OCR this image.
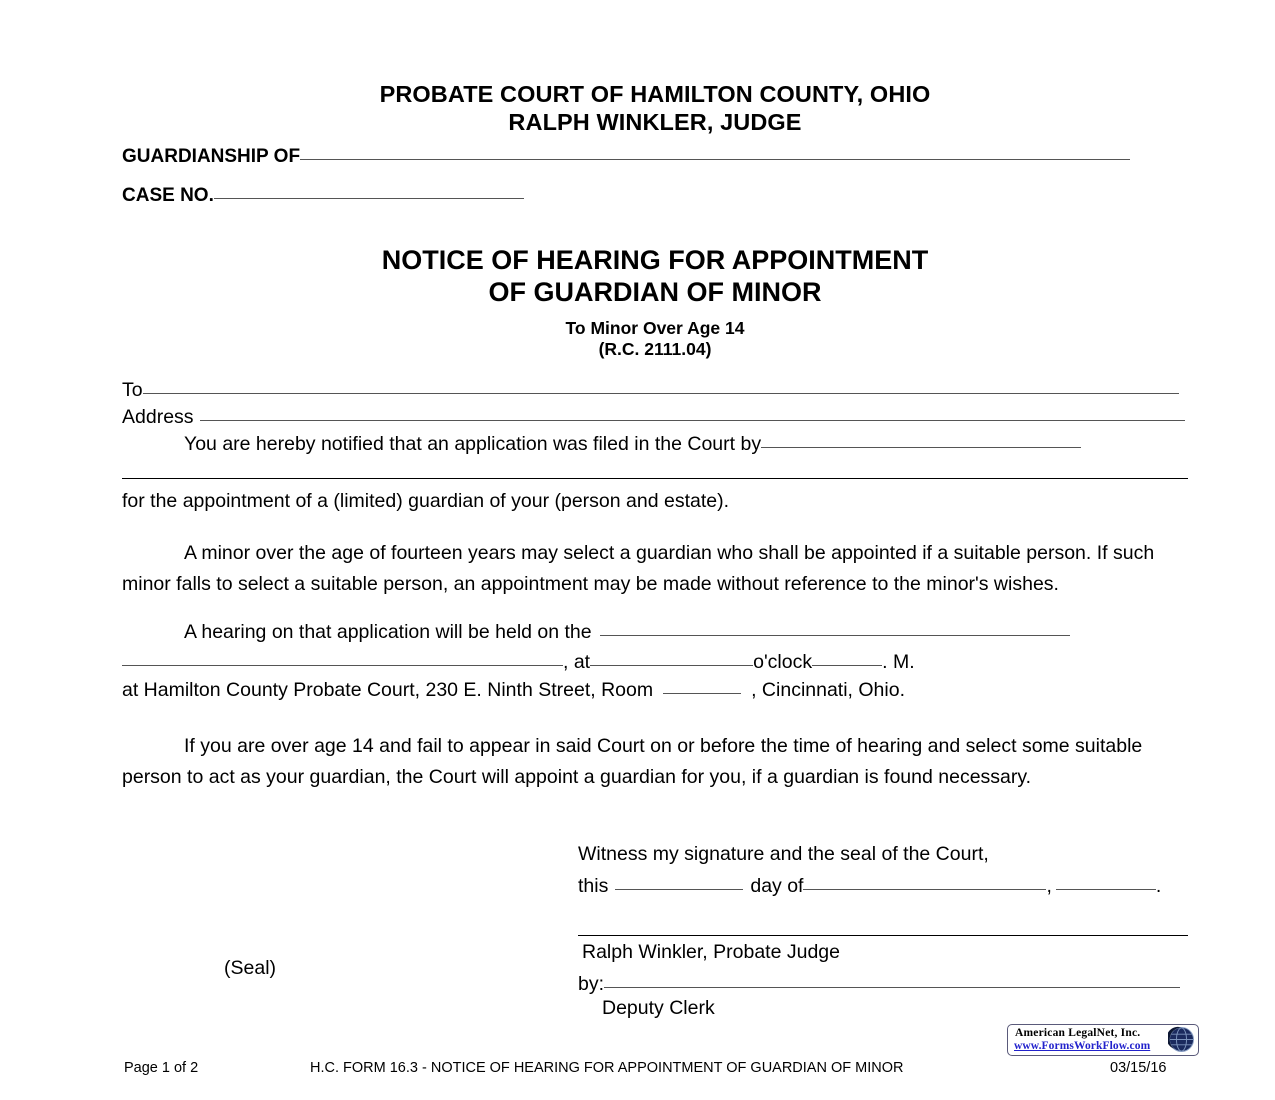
PROBATE COURT OF HAMILTON COUNTY, OHIO
RALPH WINKLER, JUDGE
GUARDIANSHIP OF
CASE NO.
NOTICE OF HEARING FOR APPOINTMENT
OF GUARDIAN OF MINOR
To Minor Over Age 14
(R.C. 2111.04)
To
Address
You are hereby notified that an application was filed in the Court by
for the appointment of a (limited) guardian of your (person and estate).
A minor over the age of fourteen years may select a guardian who shall be appointed if a suitable person. If such minor falls to select a suitable person, an appointment may be made without reference to the minor's wishes.
A hearing on that application will be held on the
, at	o'clock	. M.
at Hamilton County Probate Court, 230 E. Ninth Street, Room	, Cincinnati, Ohio.
If you are over age 14 and fail to appear in said Court on or before the time of hearing and select some suitable person to act as your guardian, the Court will appoint a guardian for you, if a guardian is found necessary.
Witness my signature and the seal of the Court,
this	day of	,	.
(Seal)
Ralph Winkler, Probate Judge
by:
Deputy Clerk
American LegalNet, Inc.
www.FormsWorkFlow.com
Page 1 of 2	H.C. FORM 16.3 - NOTICE OF HEARING FOR APPOINTMENT OF GUARDIAN OF MINOR	03/15/16
